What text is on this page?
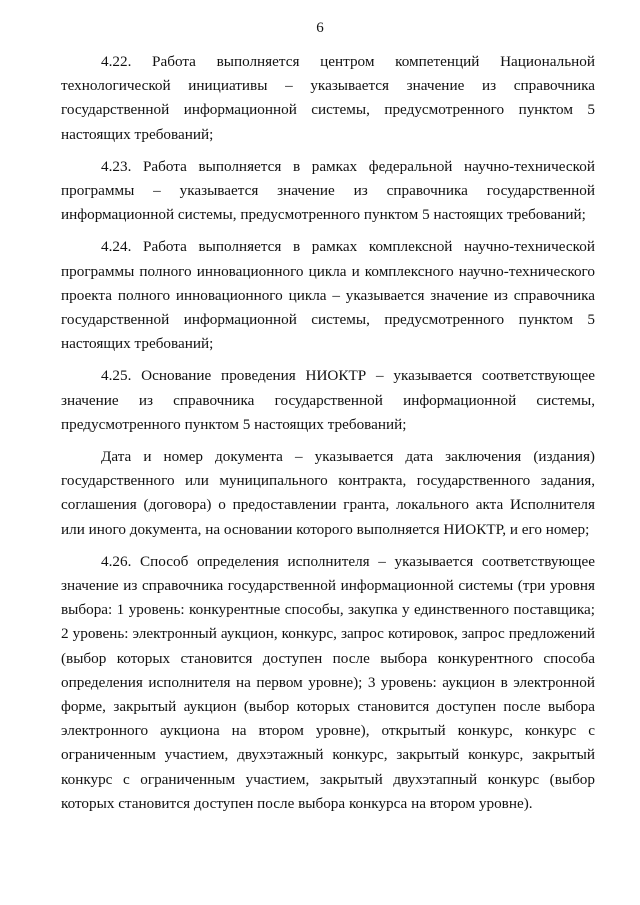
6

4.22. Работа выполняется центром компетенций Национальной технологической инициативы – указывается значение из справочника государственной информационной системы, предусмотренного пунктом 5 настоящих требований;

4.23. Работа выполняется в рамках федеральной научно-технической программы – указывается значение из справочника государственной информационной системы, предусмотренного пунктом 5 настоящих требований;

4.24. Работа выполняется в рамках комплексной научно-технической программы полного инновационного цикла и комплексного научно-технического проекта полного инновационного цикла – указывается значение из справочника государственной информационной системы, предусмотренного пунктом 5 настоящих требований;

4.25. Основание проведения НИОКТР – указывается соответствующее значение из справочника государственной информационной системы, предусмотренного пунктом 5 настоящих требований;

Дата и номер документа – указывается дата заключения (издания) государственного или муниципального контракта, государственного задания, соглашения (договора) о предоставлении гранта, локального акта Исполнителя или иного документа, на основании которого выполняется НИОКТР, и его номер;

4.26. Способ определения исполнителя – указывается соответствующее значение из справочника государственной информационной системы (три уровня выбора: 1 уровень: конкурентные способы, закупка у единственного поставщика; 2 уровень: электронный аукцион, конкурс, запрос котировок, запрос предложений (выбор которых становится доступен после выбора конкурентного способа определения исполнителя на первом уровне); 3 уровень: аукцион в электронной форме, закрытый аукцион (выбор которых становится доступен после выбора электронного аукциона на втором уровне), открытый конкурс, конкурс с ограниченным участием, двухэтажный конкурс, закрытый конкурс, закрытый конкурс с ограниченным участием, закрытый двухэтапный конкурс (выбор которых становится доступен после выбора конкурса на втором уровне).
